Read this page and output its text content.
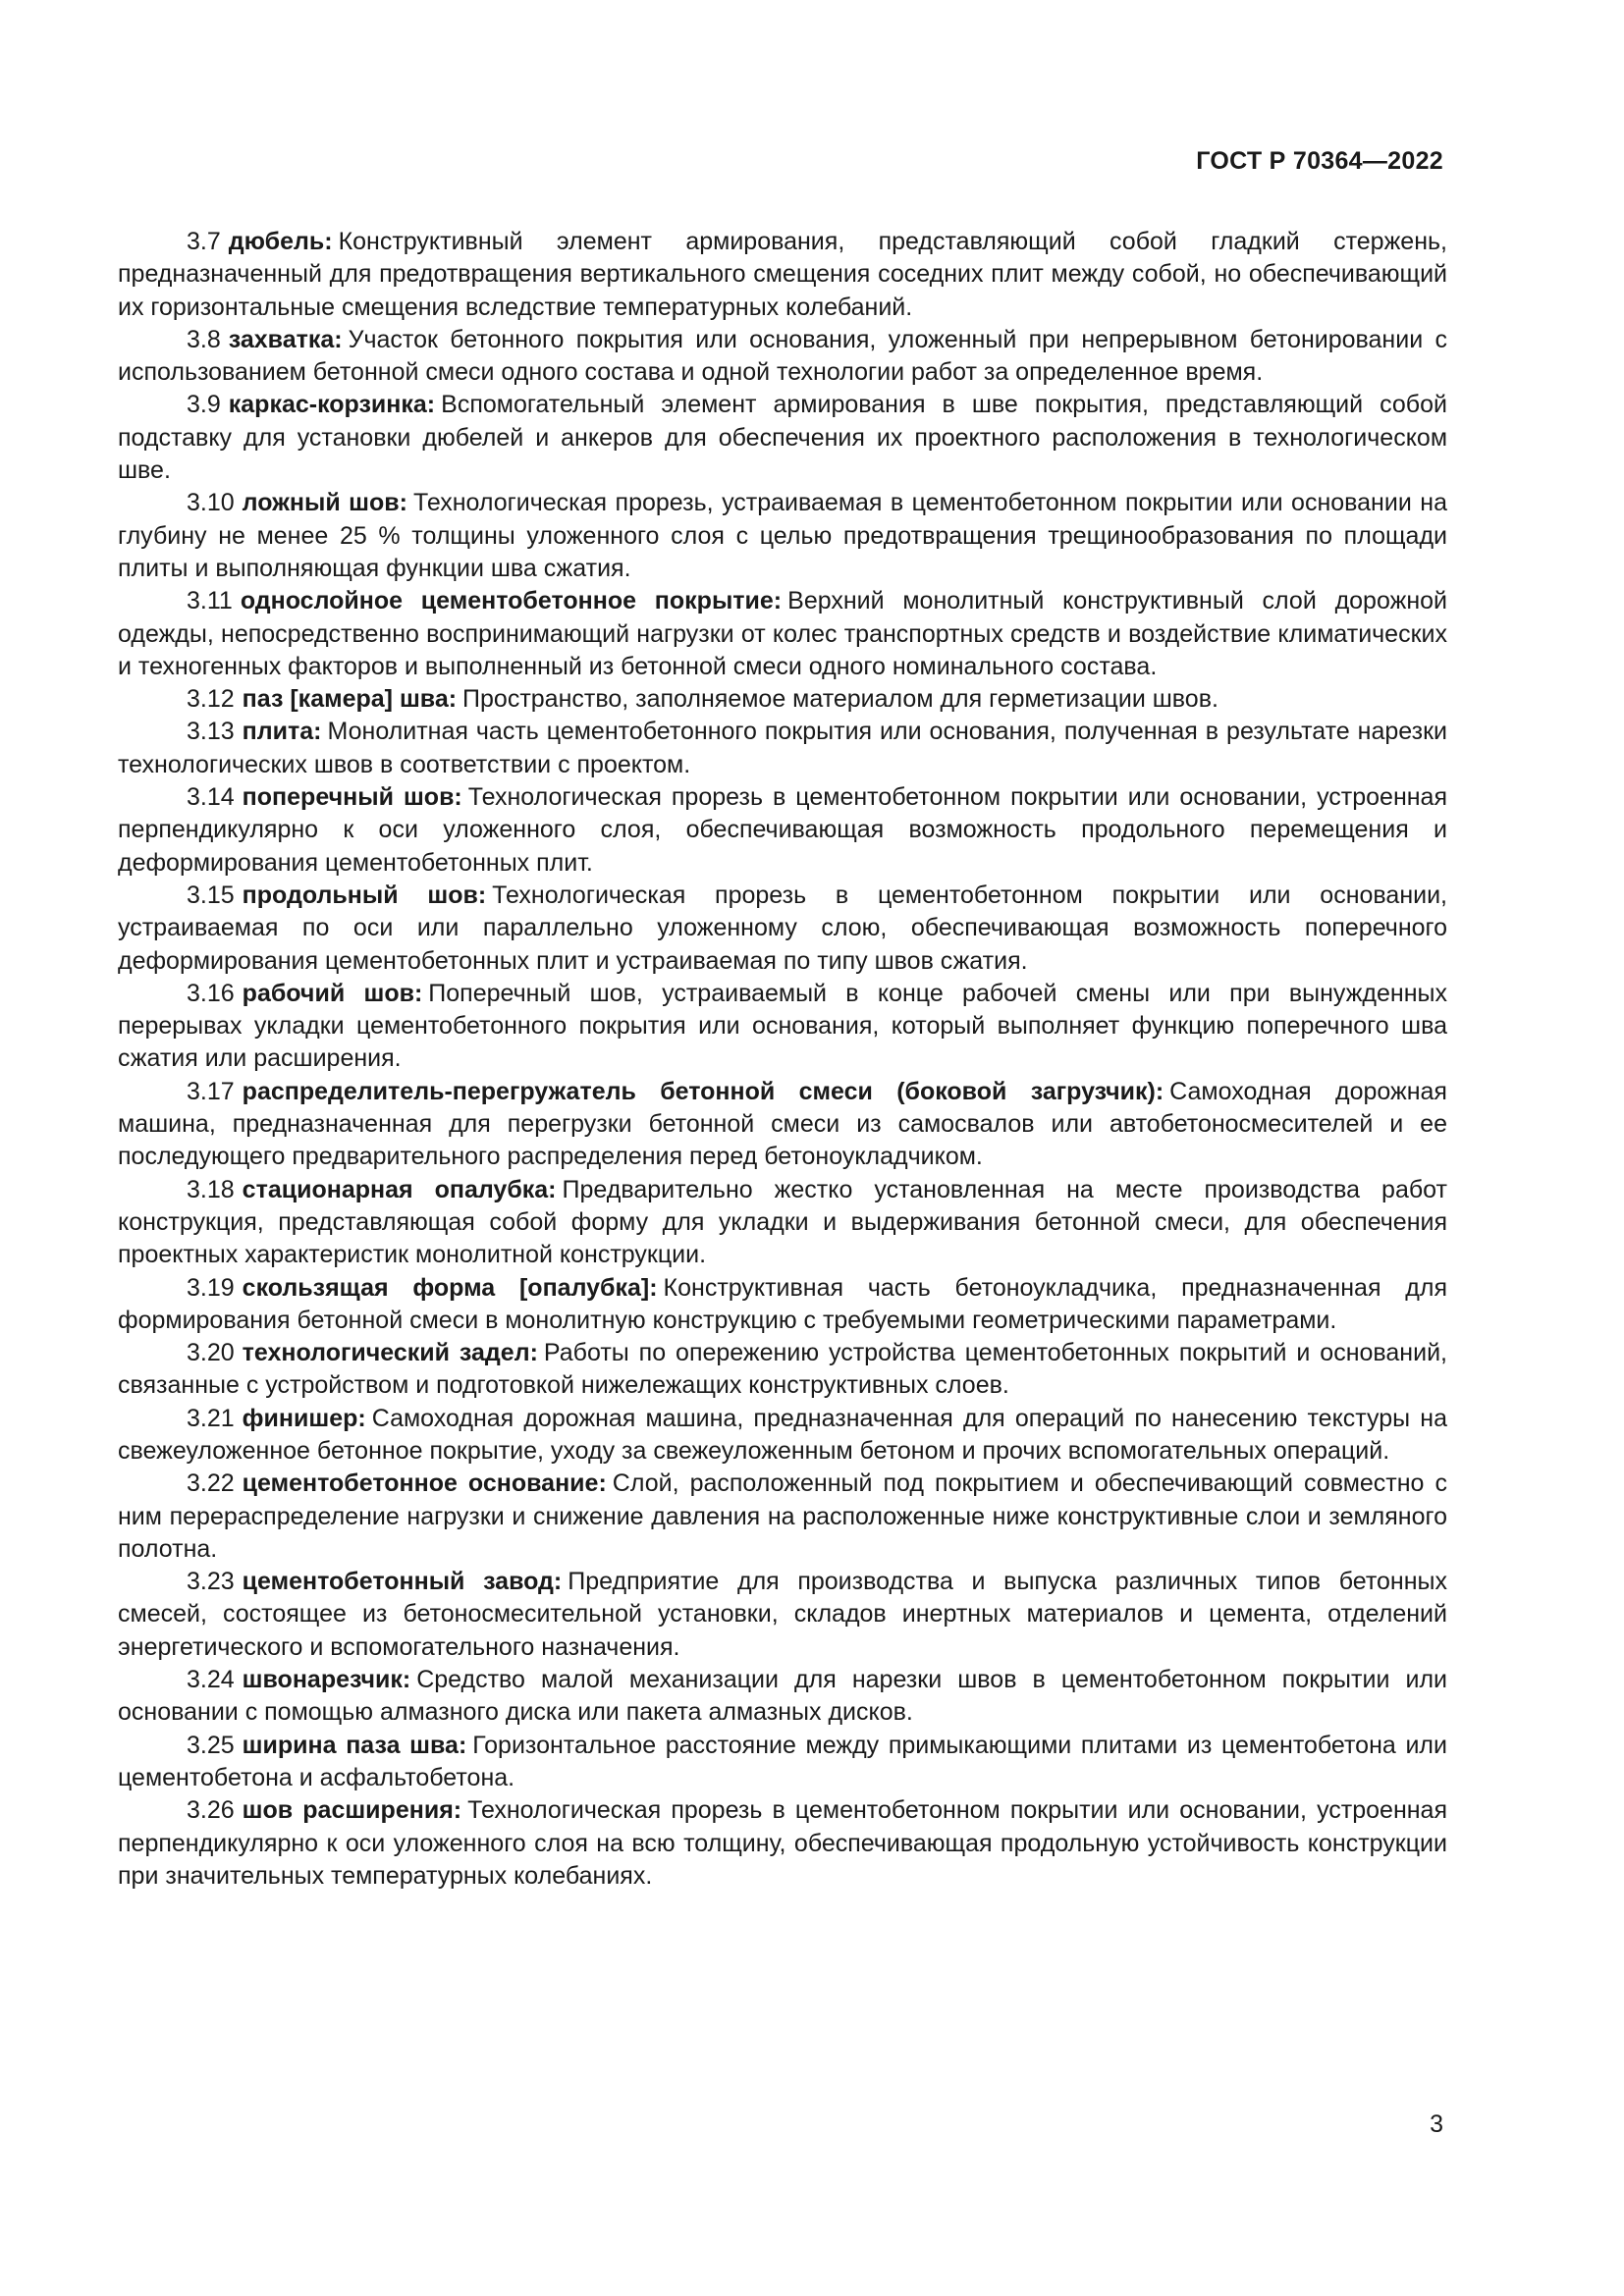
ГОСТ Р 70364—2022

3.7 дюбель: Конструктивный элемент армирования, представляющий собой гладкий стержень, предназначенный для предотвращения вертикального смещения соседних плит между собой, но обеспечивающий их горизонтальные смещения вследствие температурных колебаний.

3.8 захватка: Участок бетонного покрытия или основания, уложенный при непрерывном бетонировании с использованием бетонной смеси одного состава и одной технологии работ за определенное время.

3.9 каркас-корзинка: Вспомогательный элемент армирования в шве покрытия, представляющий собой подставку для установки дюбелей и анкеров для обеспечения их проектного расположения в технологическом шве.

3.10 ложный шов: Технологическая прорезь, устраиваемая в цементобетонном покрытии или основании на глубину не менее 25 % толщины уложенного слоя с целью предотвращения трещинообразования по площади плиты и выполняющая функции шва сжатия.

3.11 однослойное цементобетонное покрытие: Верхний монолитный конструктивный слой дорожной одежды, непосредственно воспринимающий нагрузки от колес транспортных средств и воздействие климатических и техногенных факторов и выполненный из бетонной смеси одного номинального состава.

3.12 паз [камера] шва: Пространство, заполняемое материалом для герметизации швов.

3.13 плита: Монолитная часть цементобетонного покрытия или основания, полученная в результате нарезки технологических швов в соответствии с проектом.

3.14 поперечный шов: Технологическая прорезь в цементобетонном покрытии или основании, устроенная перпендикулярно к оси уложенного слоя, обеспечивающая возможность продольного перемещения и деформирования цементобетонных плит.

3.15 продольный шов: Технологическая прорезь в цементобетонном покрытии или основании, устраиваемая по оси или параллельно уложенному слою, обеспечивающая возможность поперечного деформирования цементобетонных плит и устраиваемая по типу швов сжатия.

3.16 рабочий шов: Поперечный шов, устраиваемый в конце рабочей смены или при вынужденных перерывах укладки цементобетонного покрытия или основания, который выполняет функцию поперечного шва сжатия или расширения.

3.17 распределитель-перегружатель бетонной смеси (боковой загрузчик): Самоходная дорожная машина, предназначенная для перегрузки бетонной смеси из самосвалов или автобетоносмесителей и ее последующего предварительного распределения перед бетоноукладчиком.

3.18 стационарная опалубка: Предварительно жестко установленная на месте производства работ конструкция, представляющая собой форму для укладки и выдерживания бетонной смеси, для обеспечения проектных характеристик монолитной конструкции.

3.19 скользящая форма [опалубка]: Конструктивная часть бетоноукладчика, предназначенная для формирования бетонной смеси в монолитную конструкцию с требуемыми геометрическими параметрами.

3.20 технологический задел: Работы по опережению устройства цементобетонных покрытий и оснований, связанные с устройством и подготовкой нижележащих конструктивных слоев.

3.21 финишер: Самоходная дорожная машина, предназначенная для операций по нанесению текстуры на свежеуложенное бетонное покрытие, уходу за свежеуложенным бетоном и прочих вспомогательных операций.

3.22 цементобетонное основание: Слой, расположенный под покрытием и обеспечивающий совместно с ним перераспределение нагрузки и снижение давления на расположенные ниже конструктивные слои и земляного полотна.

3.23 цементобетонный завод: Предприятие для производства и выпуска различных типов бетонных смесей, состоящее из бетоносмесительной установки, складов инертных материалов и цемента, отделений энергетического и вспомогательного назначения.

3.24 швонарезчик: Средство малой механизации для нарезки швов в цементобетонном покрытии или основании с помощью алмазного диска или пакета алмазных дисков.

3.25 ширина паза шва: Горизонтальное расстояние между примыкающими плитами из цементобетона или цементобетона и асфальтобетона.

3.26 шов расширения: Технологическая прорезь в цементобетонном покрытии или основании, устроенная перпендикулярно к оси уложенного слоя на всю толщину, обеспечивающая продольную устойчивость конструкции при значительных температурных колебаниях.

3
